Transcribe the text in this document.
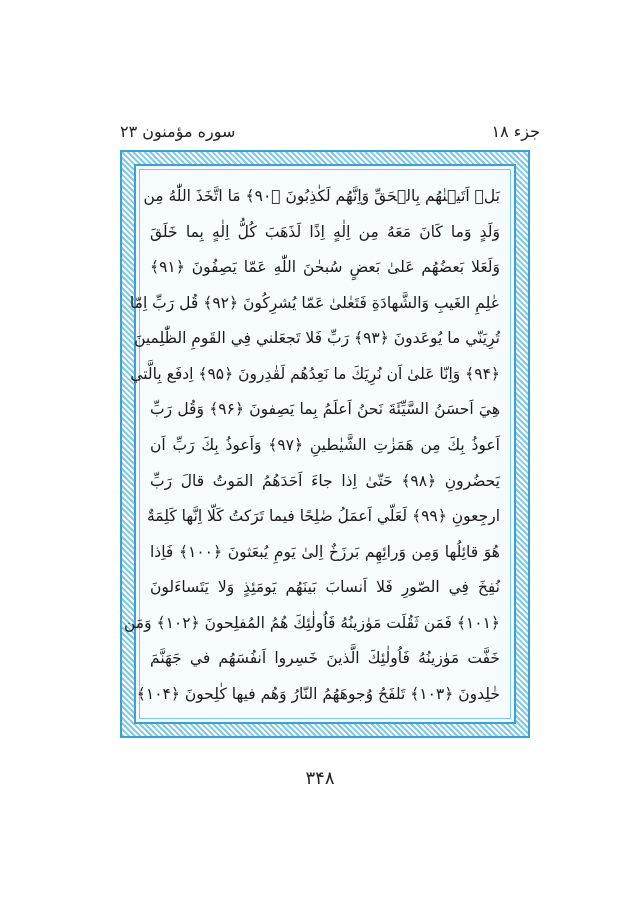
جزء ۱۸
سوره مؤمنون ۲۳
بَلۡ اَتَيۡنٰهُم بِالۡحَقِّ وَاِنَّهُم لَكٰذِبُونَ ﴿۹۰﴾ مَا اتَّخَذَ اللّٰهُ مِن
وَلَدٍ وَما كَانَ مَعَهُ مِن اِلٰهٍ اِذًا لَذَهَبَ كُلُّ اِلٰهٍ بِما خَلَقَ
وَلَعَلا بَعضُهُم عَلىٰ بَعضٍ سُبحٰنَ اللّٰهِ عَمّا يَصِفُونَ ﴿۹۱﴾
عٰلِمِ الغَيبِ وَالشَّهادَةِ فَتَعٰلىٰ عَمّا يُشرِكُونَ ﴿۹۲﴾ قُل رَبِّ اِمّا
تُرِيَنّي ما يُوعَدونَ ﴿۹۳﴾ رَبِّ فَلا تَجعَلني فِي القَومِ الظّٰلِمينَ
﴿۹۴﴾ وَاِنّا عَلىٰ اَن نُرِيَكَ ما نَعِدُهُم لَقٰدِرونَ ﴿۹۵﴾ اِدفَع بِالَّتي
هِيَ اَحسَنُ السَّيِّئَةَ نَحنُ اَعلَمُ بِما يَصِفونَ ﴿۹۶﴾ وَقُل رَبِّ
اَعوذُ بِكَ مِن هَمَزٰتِ الشَّيٰطينِ ﴿۹۷﴾ وَاَعوذُ بِكَ رَبِّ اَن
يَحضُرونِ ﴿۹۸﴾ حَتّىٰ اِذا جاءَ اَحَدَهُمُ المَوتُ قالَ رَبِّ
ارجِعونِ ﴿۹۹﴾ لَعَلّي اَعمَلُ صٰلِحًا فيما تَرَكتُ كَلّا اِنَّها كَلِمَةٌ
هُوَ قائِلُها وَمِن وَرائِهِم بَرزَخٌ اِلىٰ يَومِ يُبعَثونَ ﴿۱۰۰﴾ فَاِذا
نُفِخَ فِي الصّورِ فَلا اَنسابَ بَينَهُم يَومَئِذٍ وَلا يَتَساءَلونَ
﴿۱۰۱﴾ فَمَن ثَقُلَت مَوٰزينُهُ فَاُولٰئِكَ هُمُ المُفلِحونَ ﴿۱۰۲﴾ وَمَن
خَفَّت مَوٰزينُهُ فَاُولٰئِكَ الَّذينَ خَسِروا اَنفُسَهُم في جَهَنَّمَ
خٰلِدونَ ﴿۱۰۳﴾ تَلفَحُ وُجوهَهُمُ النّارُ وَهُم فيها كٰلِحونَ ﴿۱۰۴﴾
۳۴۸
